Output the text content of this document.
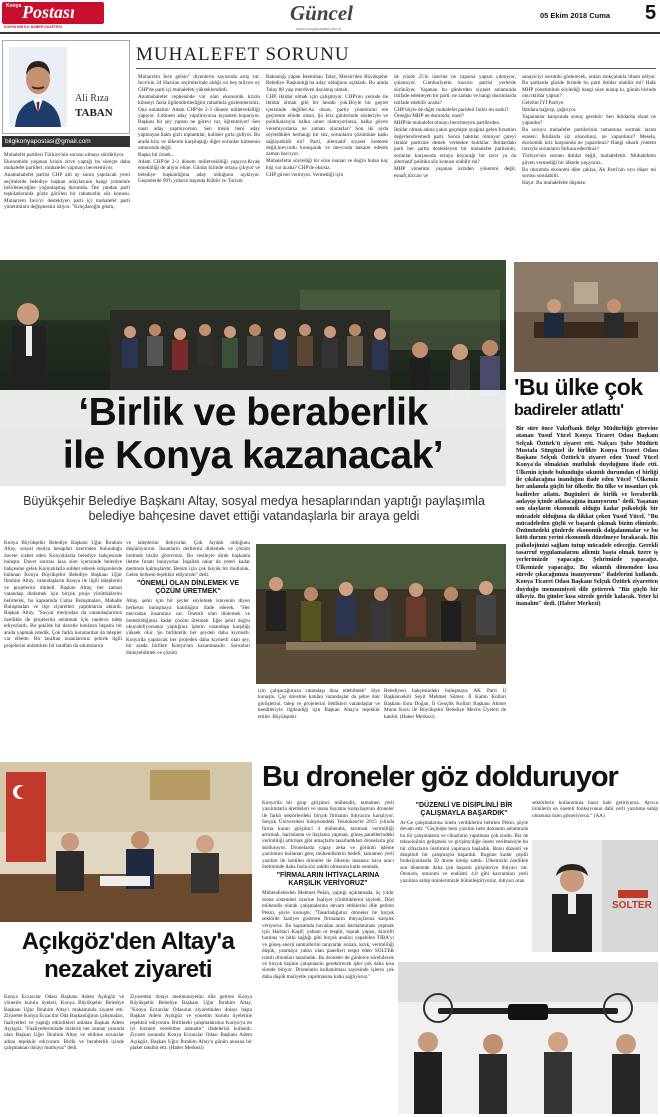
Konya Postası
KONYA'NIN İLK HABER GAZETESİ
Güncel
www.konyapostasi.com.tr
05 Ekim 2018 Cuma 5
Ali Rıza
TABAN
bilgikonyapostasi@gmail.com
MUHALEFET SORUNU

Muhalefet partileri Türkiye'nin sorunu olmayı sürdürüyor.

Ekonomide yaşanan krizin zirve yaptığı bu süreçte daha muhalefet partileri, muhalefet yapmayı beceremiyor.

Anamuhalefet partisi CHP altı ay sonra yapılacak yerel seçimlerde belediye başkan adaylarının hangi yöntemle belirleneceğine yoğunlaşmış durumda. Öte yandan parti teşkilatlarında gözle görülen bir rahatsızlık söz konusu. Muharrem İnce'yi desteklyen parti içi muhalefet parti yönetiminin değişmesini istiyor. "Kılıçdaroğlu gitsin,

Muharrem İnce gelsin" diyenlerin sayısında artış var. İnce'nin 24 Haziran seçimlerinde aldığı on beş milyon oy CHP'de parti içi muhalefeti yükseklendirdi.

Anamuhalefet cephesinde var olan ekonomik krizin kimseyi fazla ilgilendirmediğini rahatlıkla gözlemlersiniz. Ona unlatalım: Adam CHP'de 2-3 dönem milletvekilliği yapıyor. 4.dönem aday yapılmıyorsa kıyameti koparıyor. Başkası bir şey yapsın ne görevi var, öğrenmiyor! Sen nasıl aday yapmıyorsun. Sen misin beni aday yapmayan.Sakh gizli toplantılar, kulisler gırla gidiyor. Bu arada kriz ve ülkenin karşılaştığı diğer sorunlar kimsenin umurunda değil.

Başka bir örnek...

Adam CHP'de 2-3 dönem milletvekilliği yapıyor.Kıyak emekliliği de alıyor eline. Günün birinde ortaya çıkıyor ve belediye başkanlığına aday olduğunu açıklıyor. Geçenlerde 90'lı yılların başında Kültür ve Turizm

Bakanlığı yapan İstemihan Talay, Mersin'den Büyükşehir Belediye Başkanlığı'na aday olduğunu açıkladı. Bu arada Talay 80 yaşı merdiven dayamış olmalı.

CHP, iktidar olmak için çalışmıyor. CHP'nin yerinde ile iktidar olmak gibi bir hesabı yok.Böyle bir gayret içerisinde değiller.Az olsun, partiy yönetimini ele geçirenin elinde olsun. Şu kriz günlerinde sözleriyle ve politikalarıyla halka umut olamıyorlarsa, halka güven veremiyorlarsa ne zaman olacaklar? Son iki ayda söyledikleri herhangi bir söz, sorunların çözümüne katkı sağlayabildi mi? Parti, alternatif siyaset üreterek değil,mevcudu konuşarak ve mevcuda hakaret ederek zaman harcıyor.

Muhalefetin söylediği bir söze inanan ve doğru bulan kaç kişi var acaba? CHP'de eksisiz.

CHP güven vermiyor. Vermediği için

de yüzde 25'in üzerine ne yaparsa yapsın çıkmıyor, çıkamıyor. Cumhuriyetin kurucu partisi yerlerde sürünüyor. Yaşanan bu günlerden siyaset anlamında istifade edemeyen bir parti, ne zaman ve hangi durumlarda istifade edebilir acaba?

CHP böyle de diğer muhalefet partileri farklı mı sanki?

Örneğin MHP ne durumda, nasıl?

MHP'de muhalefet olmayı becermeyen partilerden.

İktidar olmak adına yakın geçmişte ayağına gelen fırsatları değerlendiremedi parti. Sonra baktılar olmuyor çareyi iktidar partisine destek vermekte buldular. İktidardaki parti her şartta destekleyen bir muhalefet partisinin, sorunlar karşısında ortaya koyacağı bir tavır ya da alternatif politika söz konusu olabilir mi?

MHP yönetimi yaşanan krizden yönetimi değil, esnafı,tüccarı ve

sanayiciyi sorumlu gösterecek, onları stokçulukla itham ediyor. Bu şartlarda güzide birinde bu parti iktidar olabilir mi? Halk MHP yönetiminin söylediği hangi söze inanıp kı, günün birinde onu iktidar yapsın?

Gelelim İYİ Partiye.

İktidara bağırıp, çağırıyor.

Yaşananlar karşısında sonuç gerektir: Sen iktidarda olsan ne yapardın?

Bu soruyu muhalefet partilerinin tamamına sormak lazım esasen: İktidarda siz olsaydınız, ne yapardınız? Mesela, ekonomik kriz karşısında ne yapardınız? Hangi siharlı yöntem tarzıyla sorunların farkına ederdiniz?

Türkiye'nin sorunu iktidar değil, muhalefettir. Muhalefetin güven vermediği bir ülkede yaşıyoruz.

Bu durumda ekonomi dibe çaklsa, Ak Parti'nin oyu düşer mi sorusu sorulabilir.

Hayır. Bu muhalefetle düşmez.

‘Birlik ve beraberlik
ile Konya kazanacak’
Büyükşehir Belediye Başkanı Altay, sosyal medya hesaplarından yaptığı paylaşımla belediye bahçesine davet ettiği vatandaşlarla bir araya geldi

Konya Büyükşehir Belediye Başkanı Uğur İbrahim Altay, sosyal medya hesapları üzerinden bulunduğu davete icabet eden Konyalılarla belediye bahçesinde buluştu. Davet sonrası kısa süre içerisinde belediye bahçesine gelen Konyalılarla sohbet ederek istişarelerde bulunan Konya Büyükşehir Belediye Başkanı Uğur İbrahim Altay, vatandaşların Konya ile ilgili taleplerini ve projelerini dinledi. Başkan Altay, her zaman vatandaşı dinlemek için birçok proje yürüttüklerini belirterek, bu kapsamda Cuma Buluşmaları, Mahalle Buluşmaları ve ilçe ziyaretleri yaptıklarını aktardı. Başkan Altay, "Sosyal medyadan da vatandaşlarımız özellikle de projelerini anlatmak için randevu talep ediyorlardı. Bu şekilde bir davetle bunların hepsini bir arada yapmak istedik. Çok farklı konulardan da talepler var elbette. Bir taraftan insanlarımız şehirle ilgili projelerini anlatırken bir taraftan da sıkıntılarını

ve taleplerini iletiyorlar. Çok faydalı olduğunu düşünüyorum. İnsanların dertlerini dinlemek ve çözüm üretmek bizim görevimiz. Bu vesileyle direk başkanla iletme fırsatı buluyorlar. İnşallah onlar da yeteri kadar memnun kalmışlardır. Benim için çok büyük bir mutluluk. Gelen herkese teşekkür ediyorum" dedi.

"ÖNEMLİ OLAN DİNLEMEK VE ÇÖZÜM ÜRETMEK"

Altay, şehir için bir şeyler söylemek isteyenin diyen herkesin buluşmaya katıldığını ifade ederek, "Her mecradan insanımız var. Önemli olan dinlemek ve üretebildiğimiz kadar çözüm üretmek. Eğer şehri doğru okuyabiliyorsanız yaptığınız işlerin vatandaşa karşılığı yüksek olur. Şu birliktelik her şeyden daha kıymetli. Konya'da yapılacak her projeden daha kıymetli olan şey, bir arada birlikte Konya'nın kazanmasıdır. Sorunları dinleyebilmek ve çözüm

için çalışacağımıza vatandaşı ikna edebilmek" diye konuştu. Çay davetine katılan vatandaşlar da şehre dair görüşlerini, talep ve projelerini ilettikleri vatandaşlar ve kendileriyle ilgilendiği için Başkan Altay'a teşekkür ettiler. Büyükşehir

Belediyesi bahçesindeki buluşmaya AK Parti İl Başkanvekili Seyit Mehmet Sümer, İl Kadın Kolları Başkanı Esra Doğan, İl Gençlik Kolları Başkanı Ahmet Murat Koru ile Büyükşehir Belediye Meclis Üyeleri de katıldı. (Haber Merkezi)

'Bu ülke çok
badireler atlattı'
Bir süre önce Vakıfbank Bölge Müdürlüğü görevine atanan Yusuf Yücel Konya Ticaret Odası Başkanı Selçuk Öztürk'ü ziyaret etti. Nalçacı Şube Müdürü Mustafa Süngüzel ile birlikte Konya Ticaret Odası Başkanı Selçuk Öztürk'ü ziyaret eden Yusuf Yücel Konya'da olmaktan mutluluk duyduğunu ifade etti. Ülkenin içinde bulunduğu sıkıntılı durumdan el birliği ile çıkılacağına inandığını ifade eden Yücel "Ülkemiz her anlamda güçlü bir ülkedir. Bu ülke ve insanları çok badireler atlattı. Bugünleri de birlik ve beraberlik anlayışı içinde atlatacağına inanıyorum" dedi. Yaşanan son olayların ekonomik olduğu kadar psikolojik bir mücadele olduğuna da dikkat çeken Yusuf Yücel, "Bu mücadeleden güçlü ve başarılı çıkmak bizim elimizde. Önümüzdeki günlerde ekonomik dalgalanmalar ve bu kötü durum yerini ekonomik düzelmeye bırakacak. Biz psikolojimizi sağlam tutup mücadele edeceğiz. Gerekli tasarruf uygulamalarını ailemiz başta olmak üzere iş yerlerimizde yapacağız. Şehrimizde yapacağız. Ülkemizde yapacağız. Bu sıkıntılı dönemden kısa sürede çıkacağımıza inanıyorum" ifadelerini kullandı. Konya Ticaret Odası Başkanı Selçuk Öztürk ziyaretten duyduğu memnuniyeti dile getirerek "Biz güçlü bir ülkeyiz. Bu günler kısa sürede geride kalacak. Yeter ki inanalım" dedi. (Haber Merkezi)
Açıkgöz'den Altay'a
nezaket ziyareti
Konya Eczacılar Odası Başkanı Adem Açıkgöz ve yönetim kurulu üyeleri, Konya Büyükşehir Belediye Başkanı Uğur İbrahim Altay'ı makamında ziyaret etti. Ziyarette Konya Eczacılar Oda Başkanlığının çalışmaları, faaliyetleri ve yaptığı etkinlikleri anlatan Başkan Adem Açıkgöz, "Faaliyetlerimizde bizlerin her zaman yanında olan Başkan Uğur İbrahim Altay ve ekibine eczacılar adına teşekkür ediyorum. Birlik ve beraberlik içinde çalışmaktan dolayı mutluyuz" dedi.
Ziyaretten dolayı memnuniyetini dile getiren Konya Büyükşehir Belediye Başkanı Uğur İbrahim Altay, "Konya Eczacılar Odasının ziyaretinden dolayı başta Başkan Adem Açıkgöz ve yönetim kurulu üyelerine teşekkür ediyorum. Birlikteki çalışmalarımız Konya'ya en iyi hizmeti verebilme adınadır" ifadelerini kullandı. Ziyaret sonunda Konya Eczacılar Odası Başkanı Adem Açıkgöz, Başkan Uğur İbrahim Altay'a günün anısına bir plaket takdim etti. (Haber Merkezi)
Bu droneler göz dolduruyor

Konya'da bir grup girişimci mühendis, tamamen yerli yazılımlarla ürettikleri ve insan hayatını kolaylaştıran droneler ile farklı sektörlerdeki birçok firmanın ihtiyacını karşılıyor. Selçuk Üniversitesi bünyesindeki Teknokent'te 2015 yılında firma kuran girişimci 4 mühendis, tarımsal verimliliği artırmak, haritalama ve ilaçlama yapmak, güneş panellerindeki verimliliği artırmak gibi amaçlarla tasarladıkları dronelarla göz dolduruyor. Dronelarda yapay zeka ve görüntü işleme yazılımını kullanan genç mühendislerin hedefi, tamamen yerli yazılım ile üretilen droneler ile ülkenin insansız hava aracı üretiminde daha fazla söz sahibi olmasına katkı sunmak.

"FİRMALARIN İHTİYAÇLARINA KARŞILIK VERİYORUZ"

Mühendislerden Mehmet Pekin, yaptığı açıklamada, üç yıldır drone sistemleri üzerine faaliyet yürüttüklerini söyledi. Dört mühendis olarak çalışmalarına devam ettiklerini dile getiren Pekin, şöyle konuştu: "Tasarladığımız droneler ile birçok sektörde faaliyet gösteren firmaların ihtiyaçlarına karşılık veriyoruz. Bu kapsamda havadan arazi haritalanması yapmak için Haritacı Kaşif; yabani ot tespiti, toprak yapısı, klorofil haritası ve bitki sağlığı gibi birçok analizi yapabilen TİBA'yı ve güneş enerji santrallerini tarayarak arızalı, kırık, verimliliği düşük, yanmaya yakın olan panelleri tespit eden SOLTER isimli droneları tasarladık. Bu droneler de günlerce sürebilecek ve birçok kişinin çalışmasını gerektirecek işler çok daha kısa sürede bitiyor. Dronelarin kullanılması sayesinde işlerin çok daha düşük maliyetle yapılmasına katkı sağlıyoruz."

"DÜZENLİ VE DİSİPLİNLİ BİR ÇALIŞMAYLA BAŞARDIK"

Ar-Ge çalışmalarına önem verdiklerini belirten Pekin, şöyle devam etti: "Geçmişte hem yazılım hem donanım anlamında bu tür çalışmaların ve cihazların yapılması çok zordu. Biz de teknolojinin gelişmesi ve girişimciliğe önem verilmesiyle bu tür cihazların üretimini yapmaya başladık. Bunu düzenli ve disiplinli bir çalışmayla başardık. Bugüne kadar çeşitli fonksiyonlarda 50 drone üretip sattık. Ülkemizin özellikle son dönemde daha çok başarılı girişimciye ihtiyacı var. Otonom, otonomi ve endüstri 4.0 gibi kavramları yerli yazılıma sahip ürünlerimizle bütünleştiriyoruz, ihtiyacı olan

sektörlerin kullanımına hazır hale getiriyoruz. Ayrıca ürünlerin en önemli fonksiyonun dahi yerli yazılıma sahip olmasına özen gösteriyoruz." (AA)
SOLTER
